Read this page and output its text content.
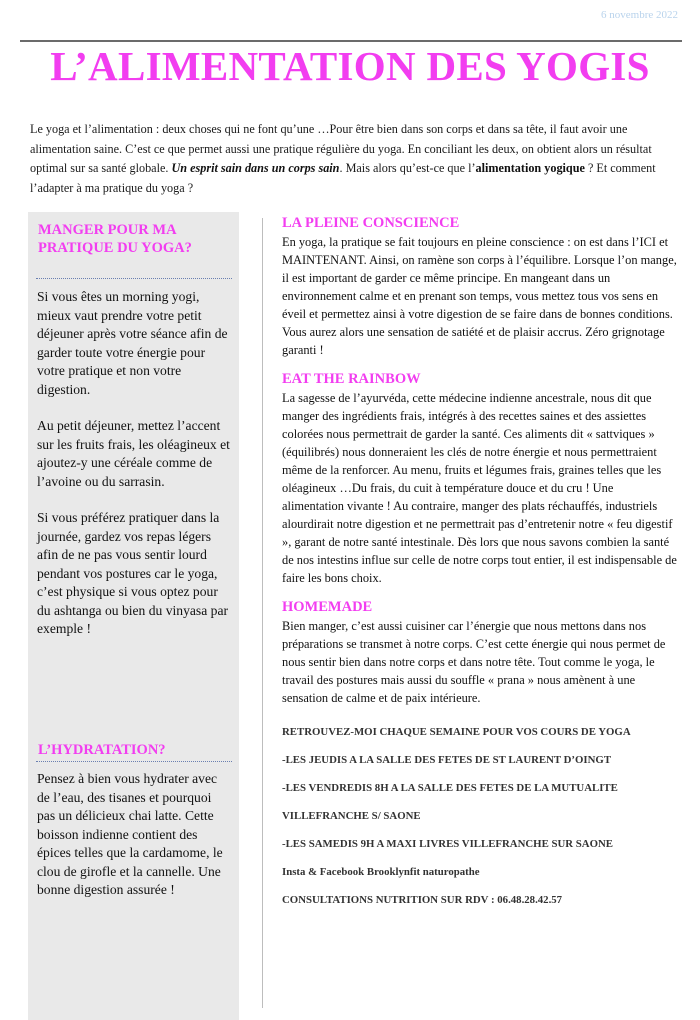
6 novembre 2022
L’ALIMENTATION DES YOGIS
Le yoga et l’alimentation : deux choses qui ne font qu’une …Pour être bien dans son corps et dans sa tête, il faut avoir une alimentation saine. C’est ce que permet aussi une pratique régulière du yoga. En conciliant les deux, on obtient alors un résultat optimal sur sa santé globale. Un esprit sain dans un corps sain. Mais alors qu’est-ce que l’alimentation yogique ? Et comment l’adapter à ma pratique du yoga ?
MANGER POUR MA PRATIQUE DU YOGA?

Si vous êtes un morning yogi, mieux vaut prendre votre petit déjeuner après votre séance afin de garder toute votre énergie pour votre pratique et non votre digestion.

Au petit déjeuner, mettez l’accent sur les fruits frais, les oléagineux et ajoutez-y une céréale comme de l’avoine ou du sarrasin.

Si vous préférez pratiquer dans la journée, gardez vos repas légers afin de ne pas vous sentir lourd pendant vos postures car le yoga, c’est physique si vous optez pour du ashtanga ou bien du vinyasa par exemple !

L’HYDRATATION?

Pensez à bien vous hydrater avec de l’eau, des tisanes et pourquoi pas un délicieux chai latte. Cette boisson indienne contient des épices telles que la cardamome, le clou de girofle et la cannelle. Une bonne digestion assurée !

LA PLEINE CONSCIENCE

En yoga, la pratique se fait toujours en pleine conscience : on est dans l’ICI et MAINTENANT. Ainsi, on ramène son corps à l’équilibre. Lorsque l’on mange, il est important de garder ce même principe. En mangeant dans un environnement calme et en prenant son temps, vous mettez tous vos sens en éveil et permettez ainsi à votre digestion de se faire dans de bonnes conditions. Vous aurez alors une sensation de satiété et de plaisir accrus. Zéro grignotage garanti !

EAT THE RAINBOW

La sagesse de l’ayurvéda, cette médecine indienne ancestrale, nous dit que manger des ingrédients frais, intégrés à des recettes saines et des assiettes colorées nous permettrait de garder la santé. Ces aliments dit « sattviques » (équilibrés) nous donneraient les clés de notre énergie et nous permettraient même de la renforcer. Au menu, fruits et légumes frais, graines telles que les oléagineux …Du frais, du cuit à température douce et du cru ! Une alimentation vivante ! Au contraire, manger des plats réchauffés, industriels alourdirait notre digestion et ne permettrait pas d’entretenir notre « feu digestif », garant de notre santé intestinale. Dès lors que nous savons combien la santé de nos intestins influe sur celle de notre corps tout entier, il est indispensable de faire les bons choix.

HOMEMADE

Bien manger, c’est aussi cuisiner car l’énergie que nous mettons dans nos préparations se transmet à notre corps. C’est cette énergie qui nous permet de nous sentir bien dans notre corps et dans notre tête. Tout comme le yoga, le travail des postures mais aussi du souffle « prana » nous amènent à une sensation de calme et de paix intérieure.

RETROUVEZ-MOI CHAQUE SEMAINE POUR VOS COURS DE YOGA

-LES JEUDIS A LA SALLE DES FETES DE ST LAURENT D’OINGT

-LES VENDREDIS 8H A LA SALLE DES FETES DE LA MUTUALITE

VILLEFRANCHE S/ SAONE

-LES SAMEDIS 9H A MAXI LIVRES VILLEFRANCHE SUR SAONE

Insta & Facebook Brooklynfit naturopathe

CONSULTATIONS NUTRITION SUR RDV : 06.48.28.42.57
